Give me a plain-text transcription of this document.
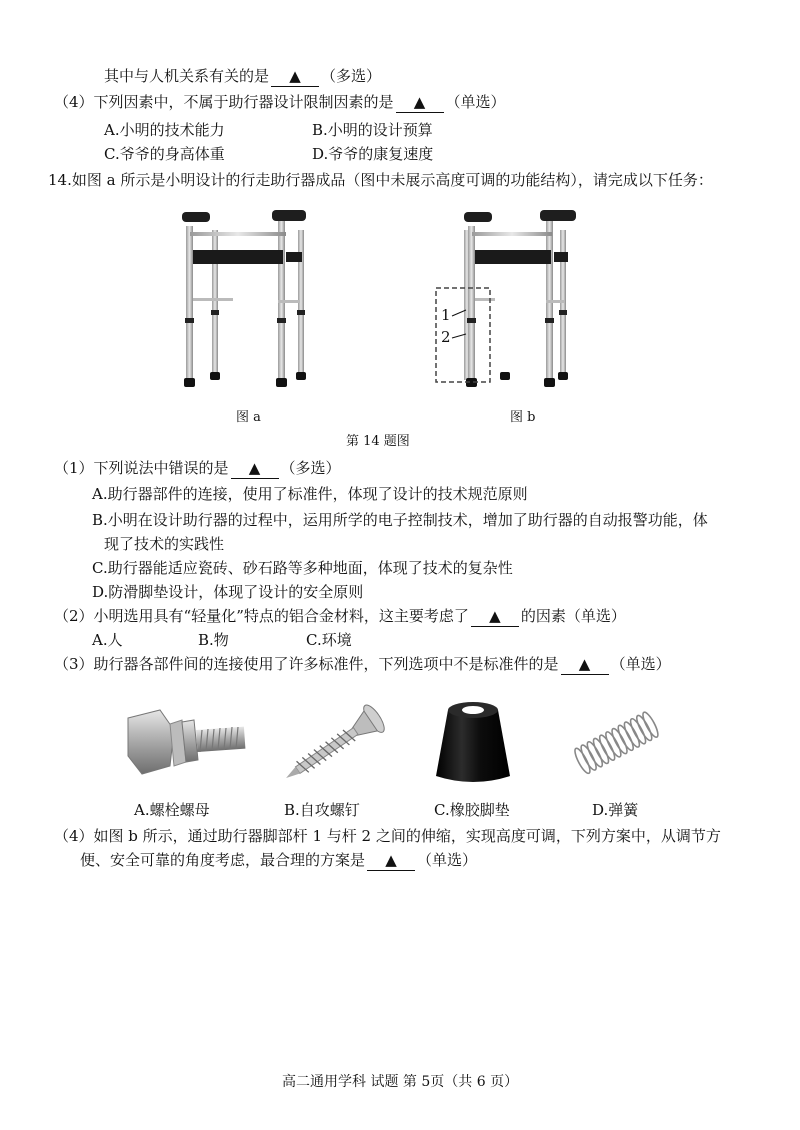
其中与人机关系有关的是 ▲ （多选）
（4）下列因素中，不属于助行器设计限制因素的是 ▲ （单选）
A.小明的技术能力	B.小明的设计预算
C.爷爷的身高体重	D.爷爷的康复速度
14.如图 a 所示是小明设计的行走助行器成品（图中未展示高度可调的功能结构），请完成以下任务：
1
2
图 a	图 b
第 14 题图
（1）下列说法中错误的是 ▲ （多选）
A.助行器部件的连接，使用了标准件，体现了设计的技术规范原则
B.小明在设计助行器的过程中，运用所学的电子控制技术，增加了助行器的自动报警功能，体
现了技术的实践性
C.助行器能适应瓷砖、砂石路等多种地面，体现了技术的复杂性
D.防滑脚垫设计，体现了设计的安全原则
（2）小明选用具有“轻量化”特点的铝合金材料，这主要考虑了 ▲ 的因素（单选）
A.人	B.物	C.环境
（3）助行器各部件间的连接使用了许多标准件，下列选项中不是标准件的是 ▲ （单选）
A.螺栓螺母	B.自攻螺钉	C.橡胶脚垫	D.弹簧
（4）如图 b 所示，通过助行器脚部杆 1 与杆 2 之间的伸缩，实现高度可调，下列方案中，从调节方
便、安全可靠的角度考虑，最合理的方案是 ▲ （单选）
高二通用学科 试题 第 5页（共 6 页）
